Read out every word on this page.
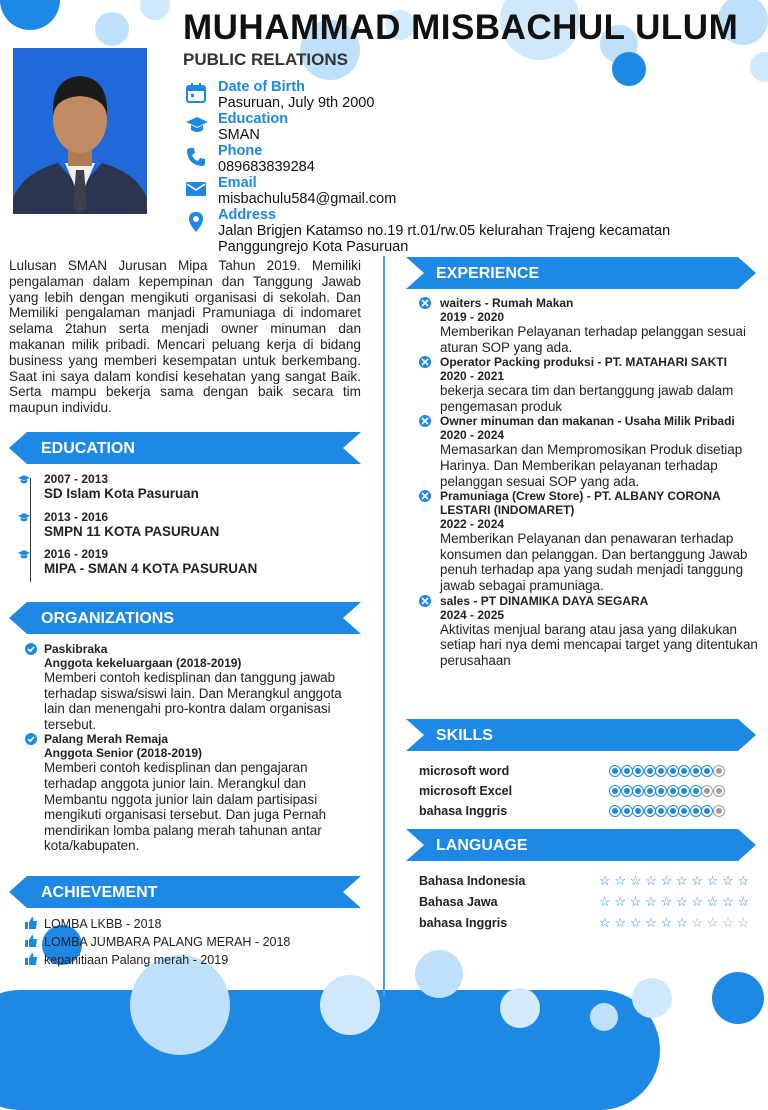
MUHAMMAD MISBACHUL ULUM
PUBLIC RELATIONS
Date of Birth
Pasuruan, July 9th 2000
Education
SMAN
Phone
089683839284
Email
misbachulu584@gmail.com
Address
Jalan Brigjen Katamso no.19 rt.01/rw.05 kelurahan Trajeng kecamatan Panggungrejo Kota Pasuruan
Lulusan SMAN Jurusan Mipa Tahun 2019. Memiliki pengalaman dalam kepempinan dan Tanggung Jawab yang lebih dengan mengikuti organisasi di sekolah. Dan Memiliki pengalaman manjadi Pramuniaga di indomaret selama 2tahun serta menjadi owner minuman dan makanan milik pribadi. Mencari peluang kerja di bidang business yang memberi kesempatan untuk berkembang. Saat ini saya dalam kondisi kesehatan yang sangat Baik. Serta mampu bekerja sama dengan baik secara tim maupun individu.
EDUCATION
2007 - 2013
SD Islam Kota Pasuruan
2013 - 2016
SMPN 11 KOTA PASURUAN
2016 - 2019
MIPA - SMAN 4 KOTA PASURUAN
ORGANIZATIONS
Paskibraka
Anggota kekeluargaan (2018-2019)
Memberi contoh kedisplinan dan tanggung jawab terhadap siswa/siswi lain. Dan Merangkul anggota lain dan menengahi pro-kontra dalam organisasi tersebut.
Palang Merah Remaja
Anggota Senior (2018-2019)
Memberi contoh kedisplinan dan pengajaran terhadap anggota junior lain. Merangkul dan Membantu nggota junior lain dalam partisipasi mengikuti organisasi tersebut. Dan juga Pernah mendirikan lomba palang merah tahunan antar kota/kabupaten.
ACHIEVEMENT
LOMBA LKBB - 2018
LOMBA JUMBARA PALANG MERAH - 2018
kepanitiaan Palang merah - 2019
EXPERIENCE
waiters - Rumah Makan
2019 - 2020
Memberikan Pelayanan terhadap pelanggan sesuai aturan SOP yang ada.
Operator Packing produksi - PT. MATAHARI SAKTI
2020 - 2021
bekerja secara tim dan bertanggung jawab dalam pengemasan produk
Owner minuman dan makanan - Usaha Milik Pribadi
2020 - 2024
Memasarkan dan Mempromosikan Produk disetiap Harinya. Dan Memberikan pelayanan terhadap pelanggan sesuai SOP yang ada.
Pramuniaga (Crew Store) - PT. ALBANY CORONA LESTARI (INDOMARET)
2022 - 2024
Memberikan Pelayanan dan penawaran terhadap konsumen dan pelanggan. Dan bertanggung Jawab penuh terhadap apa yang sudah menjadi tanggung jawab sebagai pramuniaga.
sales - PT DINAMIKA DAYA SEGARA
2024 - 2025
Aktivitas menjual barang atau jasa yang dilakukan setiap hari nya demi mencapai target yang ditentukan perusahaan
SKILLS
microsoft word
microsoft Excel
bahasa Inggris
LANGUAGE
Bahasa Indonesia
Bahasa Jawa
bahasa Inggris
☆ ☆ ☆ ☆ ☆ ☆ ☆ ☆ ☆ ☆
☆ ☆ ☆ ☆ ☆ ☆ ☆ ☆ ☆ ☆
☆ ☆ ☆ ☆ ☆ ☆ ☆ ☆ ☆ ☆
